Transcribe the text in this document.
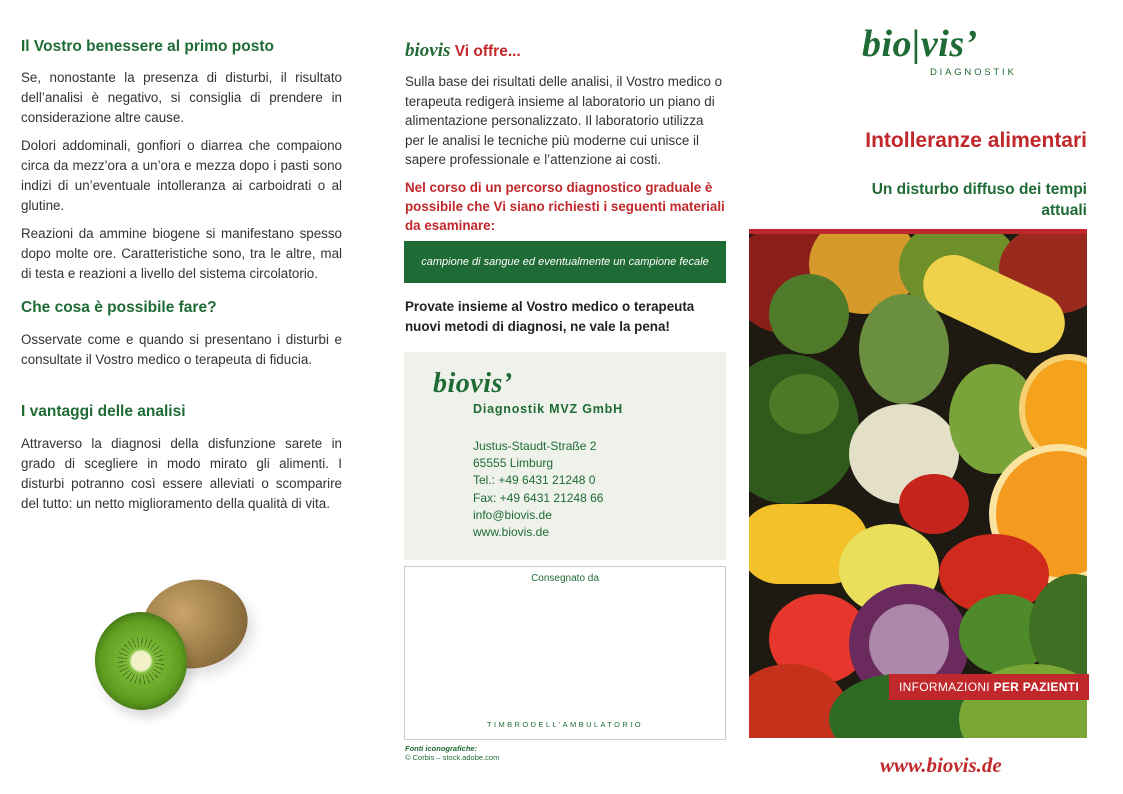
Il Vostro benessere al primo posto

Se, nonostante la presenza di disturbi, il risultato dell’analisi è negativo, si consiglia di prendere in considerazione altre cause.

Dolori addominali, gonfiori o diarrea che compaiono circa da mezz’ora a un’ora e mezza dopo i pasti sono indizi di un’eventuale intolleranza ai carboidrati o al glutine.

Reazioni da ammine biogene si manifestano spesso dopo molte ore. Caratteristiche sono, tra le altre, mal di testa e reazioni a livello del sistema circolatorio.

Che cosa è possibile fare?

Osservate come e quando si presentano i disturbi e consultate il Vostro medico o terapeuta di fiducia.

I vantaggi delle analisi

Attraverso la diagnosi della disfunzione sarete in grado di scegliere in modo mirato gli alimenti. I disturbi potranno così essere alleviati o scomparire del tutto: un netto miglioramento della qualità di vita.

biovis Vi offre...

Sulla base dei risultati delle analisi, il Vostro medico o terapeuta redigerà insieme al laboratorio un piano di alimentazione personalizzato. Il laboratorio utilizza per le analisi le tecniche più moderne cui unisce il sapere professionale e l’attenzione ai costi.

Nel corso di un percorso diagnostico graduale è possibile che Vi siano richiesti i seguenti materiali da esaminare:

campione di sangue ed eventualmente un campione fecale

Provate insieme al Vostro medico o terapeuta nuovi metodi di diagnosi, ne vale la pena!

biovis’
Diagnostik MVZ GmbH
Justus-Staudt-Straße 2
65555 Limburg
Tel.: +49 6431 21248 0
Fax: +49 6431 21248 66
info@biovis.de
www.biovis.de
Consegnato da
TIMBRODELL’AMBULATORIO
Fonti iconografiche:
© Corbis – stock.adobe.com
bio|vis’
DIAGNOSTIK
Intolleranze alimentari
Un disturbo diffuso dei tempi attuali
INFORMAZIONI PER PAZIENTI
www.biovis.de
